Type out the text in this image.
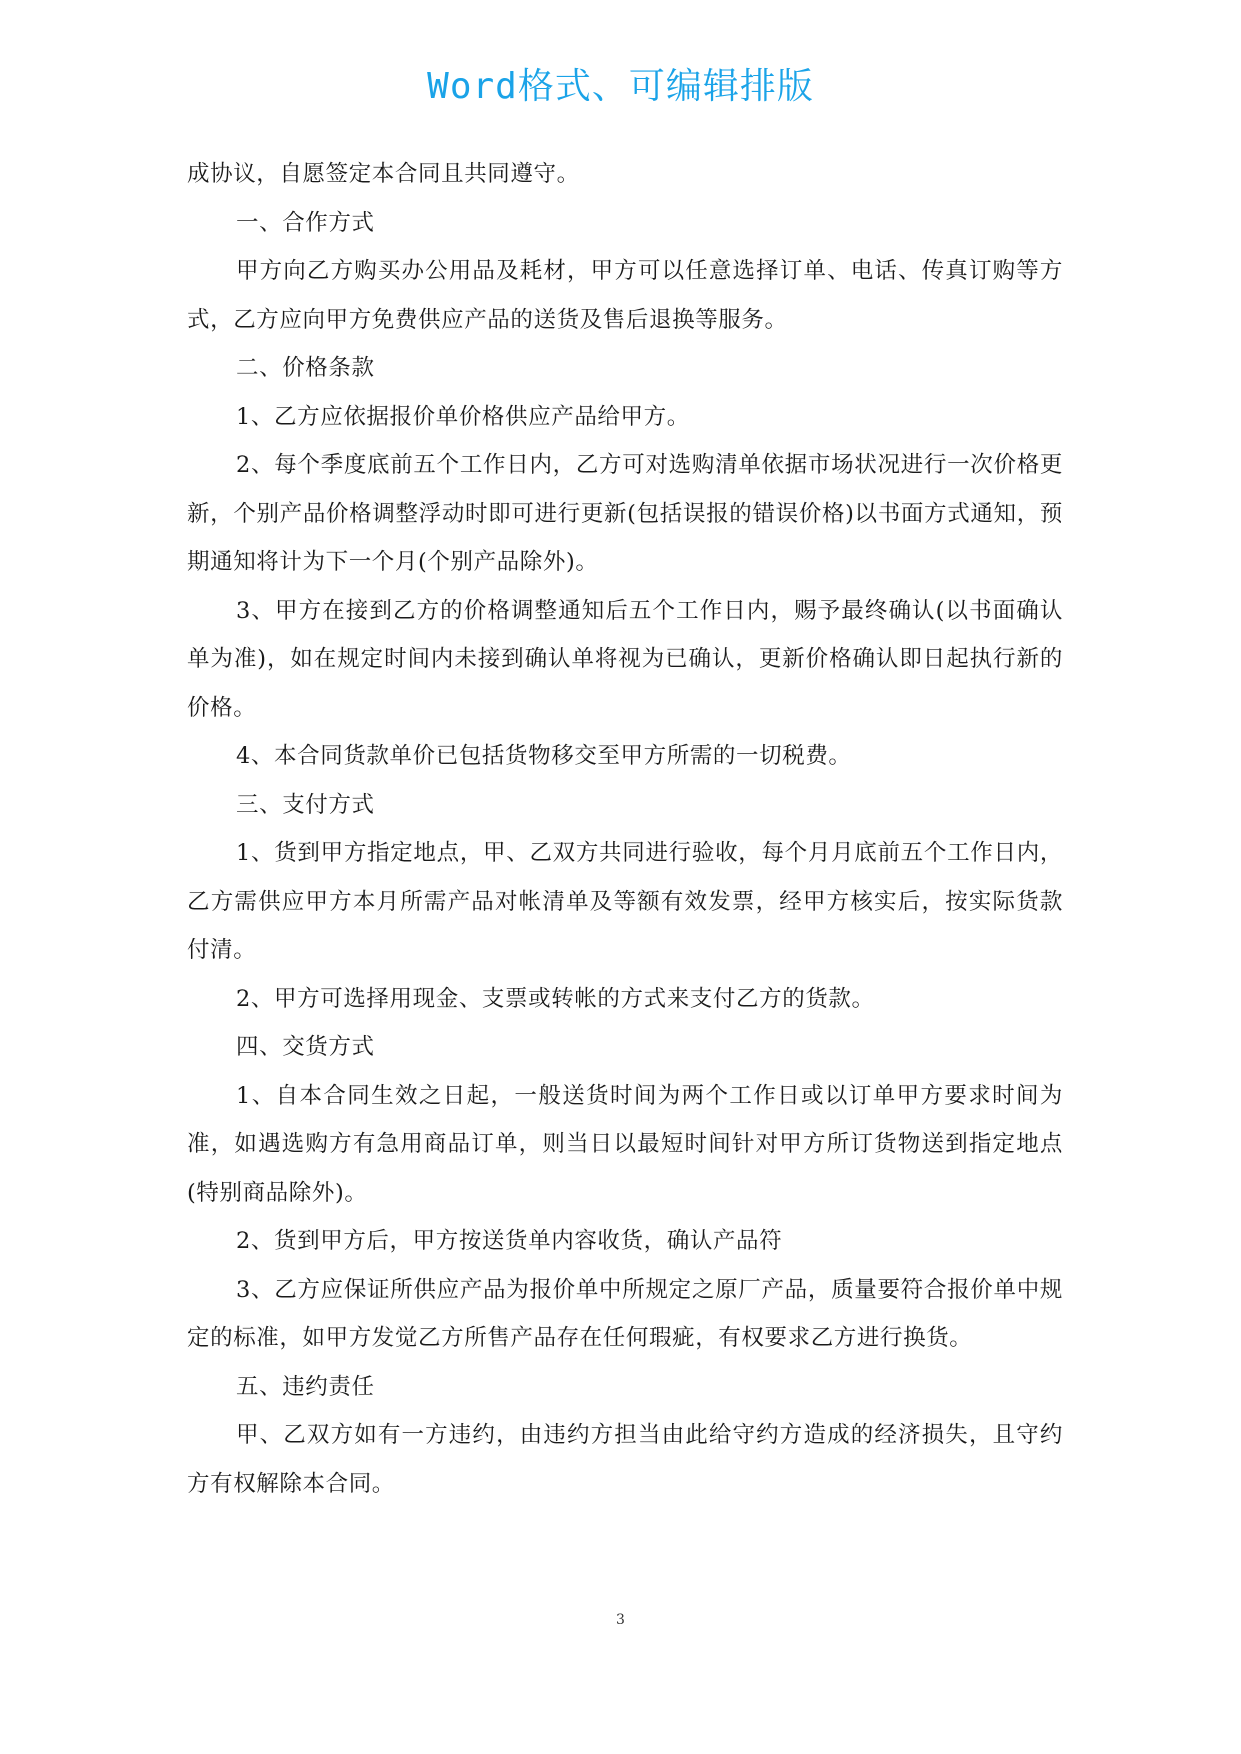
Word格式、可编辑排版

成协议，自愿签定本合同且共同遵守。

一、合作方式

甲方向乙方购买办公用品及耗材，甲方可以任意选择订单、电话、传真订购等方式，乙方应向甲方免费供应产品的送货及售后退换等服务。

二、价格条款

1、乙方应依据报价单价格供应产品给甲方。

2、每个季度底前五个工作日内，乙方可对选购清单依据市场状况进行一次价格更新，个别产品价格调整浮动时即可进行更新(包括误报的错误价格)以书面方式通知，预期通知将计为下一个月(个别产品除外)。

3、甲方在接到乙方的价格调整通知后五个工作日内，赐予最终确认(以书面确认单为准)，如在规定时间内未接到确认单将视为已确认，更新价格确认即日起执行新的价格。

4、本合同货款单价已包括货物移交至甲方所需的一切税费。

三、支付方式

1、货到甲方指定地点，甲、乙双方共同进行验收，每个月月底前五个工作日内，乙方需供应甲方本月所需产品对帐清单及等额有效发票，经甲方核实后，按实际货款付清。

2、甲方可选择用现金、支票或转帐的方式来支付乙方的货款。

四、交货方式

1、自本合同生效之日起，一般送货时间为两个工作日或以订单甲方要求时间为准，如遇选购方有急用商品订单，则当日以最短时间针对甲方所订货物送到指定地点(特别商品除外)。

2、货到甲方后，甲方按送货单内容收货，确认产品符

3、乙方应保证所供应产品为报价单中所规定之原厂产品，质量要符合报价单中规定的标准，如甲方发觉乙方所售产品存在任何瑕疵，有权要求乙方进行换货。

五、违约责任

甲、乙双方如有一方违约，由违约方担当由此给守约方造成的经济损失，且守约方有权解除本合同。

3
